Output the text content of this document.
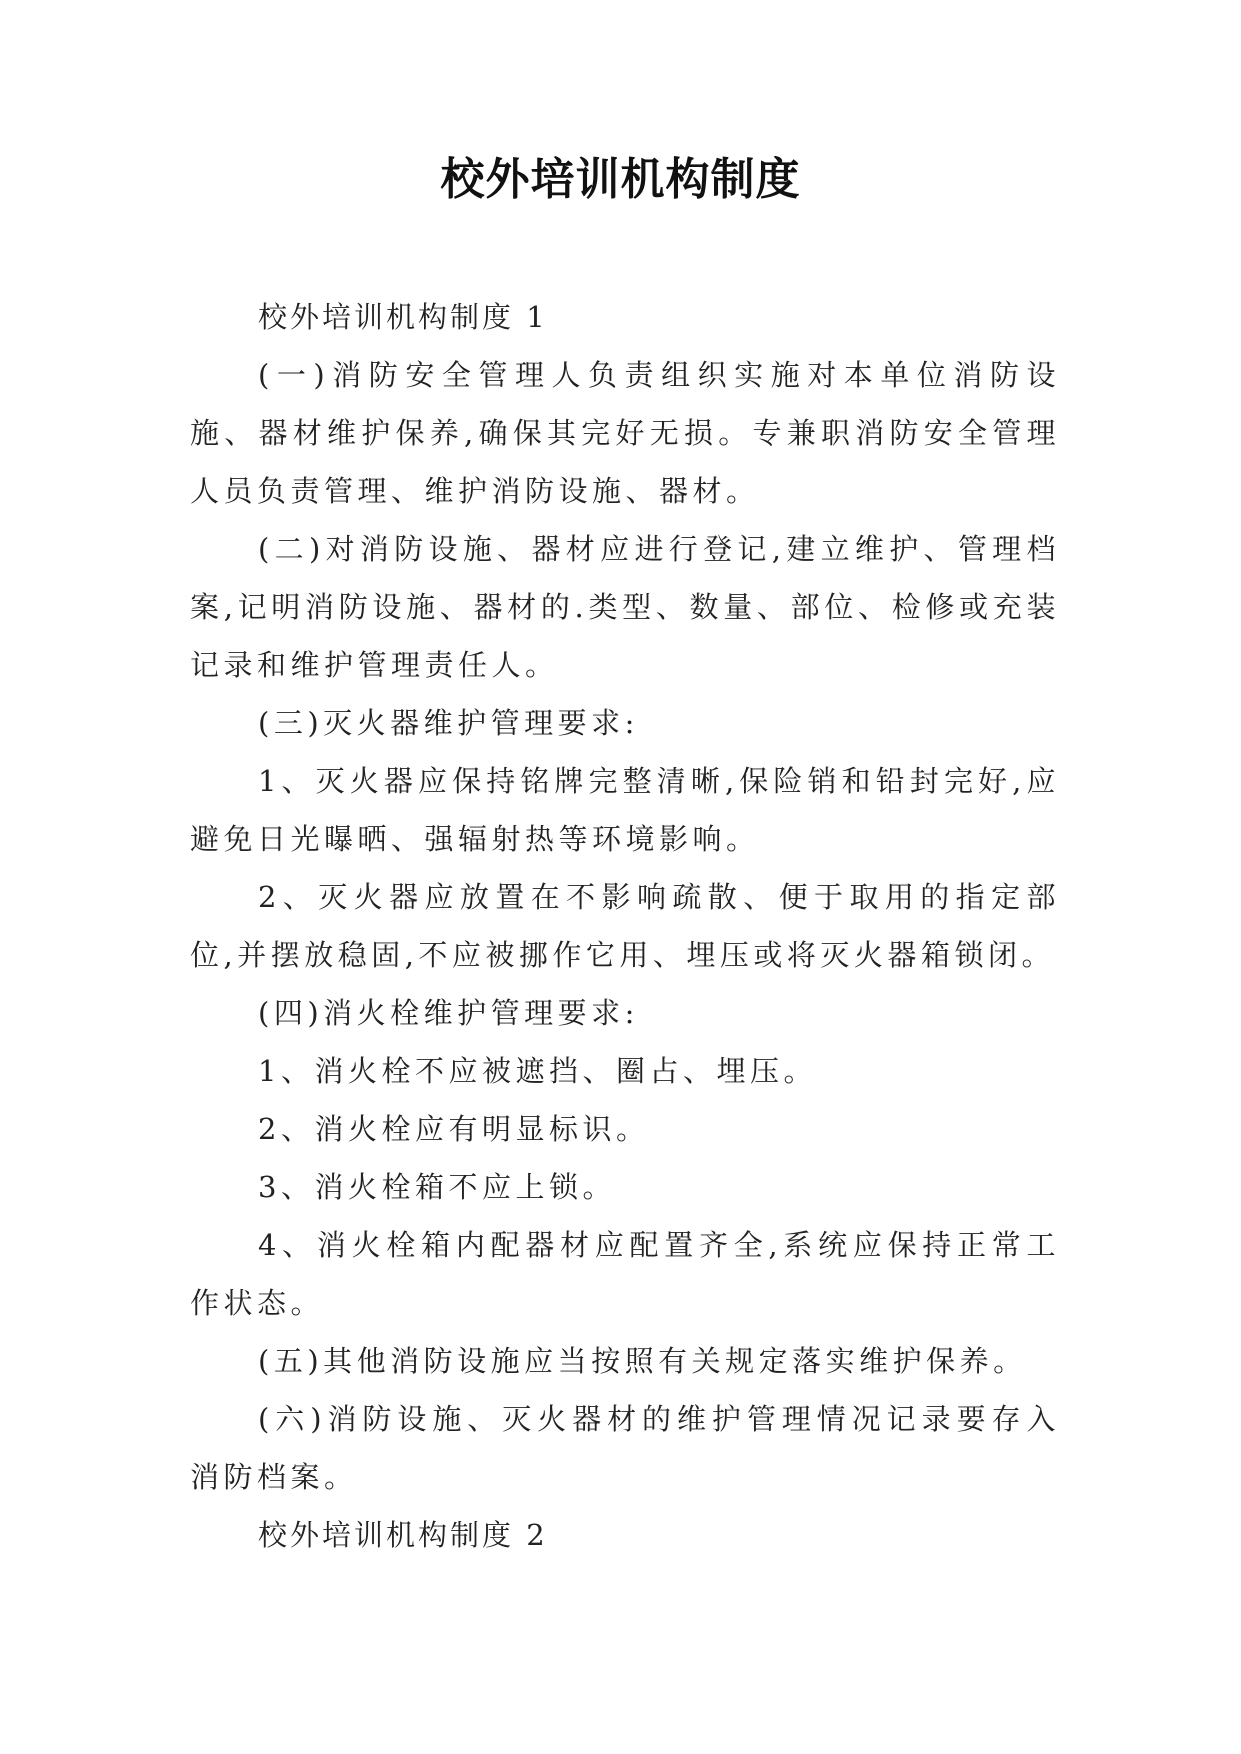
校外培训机构制度

校外培训机构制度 1

(一)消防安全管理人负责组织实施对本单位消防设施、器材维护保养,确保其完好无损。专兼职消防安全管理人员负责管理、维护消防设施、器材。

(二)对消防设施、器材应进行登记,建立维护、管理档案,记明消防设施、器材的.类型、数量、部位、检修或充装记录和维护管理责任人。

(三)灭火器维护管理要求:

1、灭火器应保持铭牌完整清晰,保险销和铅封完好,应避免日光曝晒、强辐射热等环境影响。

2、灭火器应放置在不影响疏散、便于取用的指定部位,并摆放稳固,不应被挪作它用、埋压或将灭火器箱锁闭。

(四)消火栓维护管理要求:

1、消火栓不应被遮挡、圈占、埋压。

2、消火栓应有明显标识。

3、消火栓箱不应上锁。

4、消火栓箱内配器材应配置齐全,系统应保持正常工作状态。

(五)其他消防设施应当按照有关规定落实维护保养。

(六)消防设施、灭火器材的维护管理情况记录要存入消防档案。

校外培训机构制度 2
